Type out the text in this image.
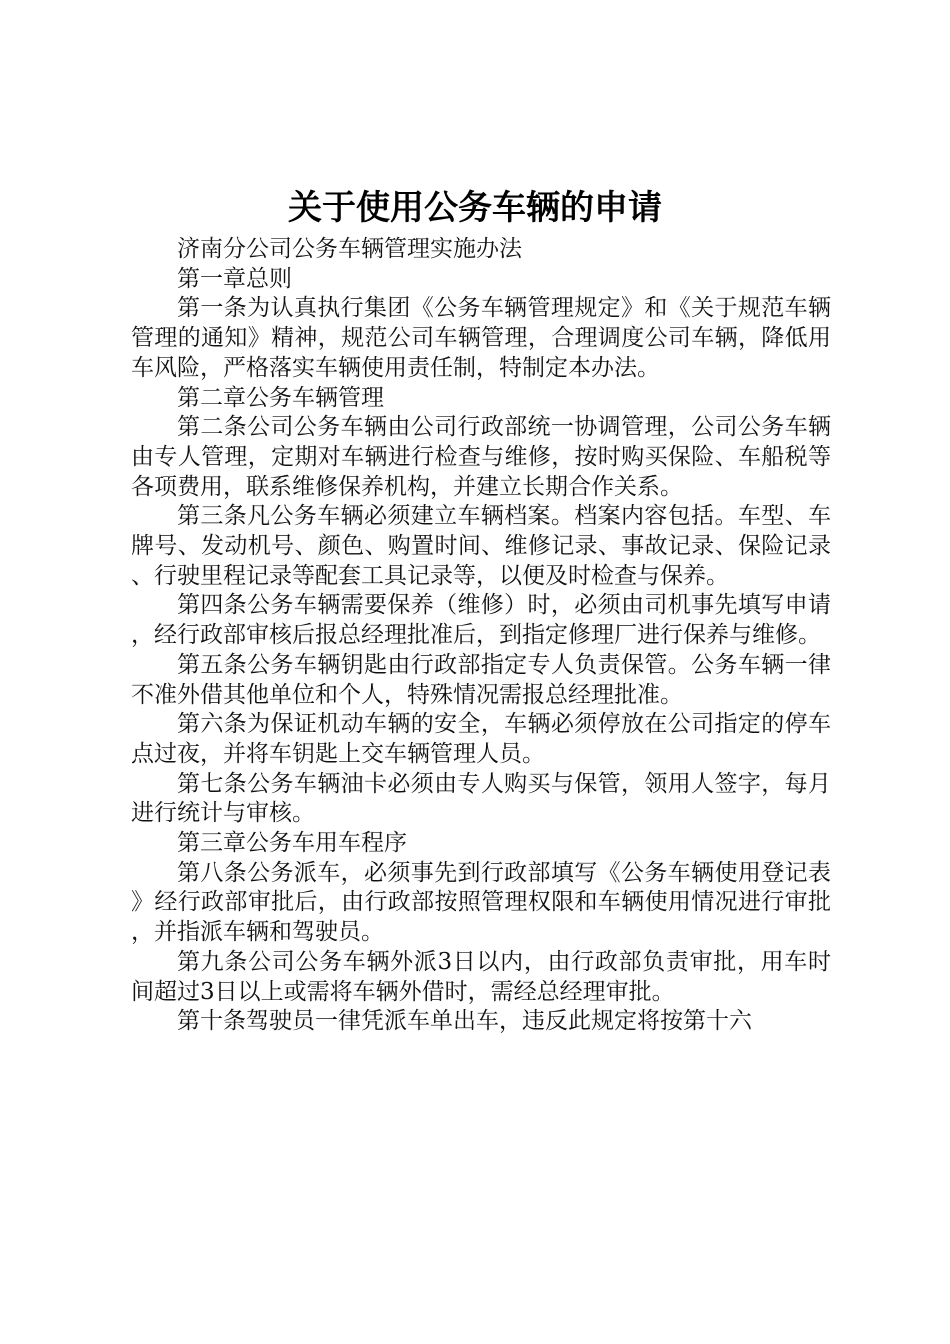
关于使用公务车辆的申请

济南分公司公务车辆管理实施办法

第一章总则

第一条为认真执行集团《公务车辆管理规定》和《关于规范车辆管理的通知》精神，规范公司车辆管理，合理调度公司车辆，降低用车风险，严格落实车辆使用责任制，特制定本办法。

第二章公务车辆管理

第二条公司公务车辆由公司行政部统一协调管理，公司公务车辆由专人管理，定期对车辆进行检查与维修，按时购买保险、车船税等各项费用，联系维修保养机构，并建立长期合作关系。

第三条凡公务车辆必须建立车辆档案。档案内容包括。车型、车牌号、发动机号、颜色、购置时间、维修记录、事故记录、保险记录、行驶里程记录等配套工具记录等，以便及时检查与保养。

第四条公务车辆需要保养（维修）时，必须由司机事先填写申请，经行政部审核后报总经理批准后，到指定修理厂进行保养与维修。

第五条公务车辆钥匙由行政部指定专人负责保管。公务车辆一律不准外借其他单位和个人，特殊情况需报总经理批准。

第六条为保证机动车辆的安全，车辆必须停放在公司指定的停车点过夜，并将车钥匙上交车辆管理人员。

第七条公务车辆油卡必须由专人购买与保管，领用人签字，每月进行统计与审核。

第三章公务车用车程序

第八条公务派车，必须事先到行政部填写《公务车辆使用登记表》经行政部审批后，由行政部按照管理权限和车辆使用情况进行审批，并指派车辆和驾驶员。

第九条公司公务车辆外派3日以内，由行政部负责审批，用车时间超过3日以上或需将车辆外借时，需经总经理审批。

第十条驾驶员一律凭派车单出车，违反此规定将按第十六
